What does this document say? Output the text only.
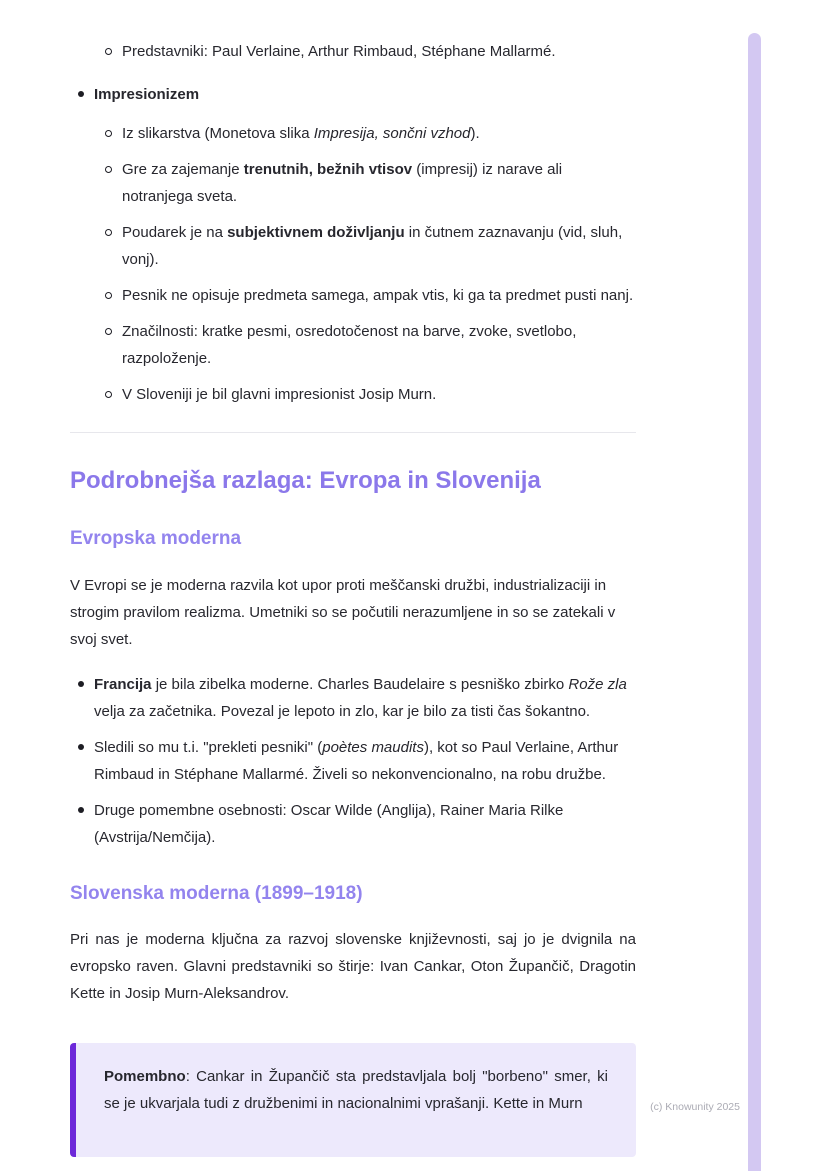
Predstavniki: Paul Verlaine, Arthur Rimbaud, Stéphane Mallarmé.
Impresionizem
Iz slikarstva (Monetova slika Impresija, sončni vzhod).
Gre za zajemanje trenutnih, bežnih vtisov (impresij) iz narave ali notranjega sveta.
Poudarek je na subjektivnem doživljanju in čutnem zaznavanju (vid, sluh, vonj).
Pesnik ne opisuje predmeta samega, ampak vtis, ki ga ta predmet pusti nanj.
Značilnosti: kratke pesmi, osredotočenost na barve, zvoke, svetlobo, razpoloženje.
V Sloveniji je bil glavni impresionist Josip Murn.
Podrobnejša razlaga: Evropa in Slovenija
Evropska moderna

V Evropi se je moderna razvila kot upor proti meščanski družbi, industrializaciji in strogim pravilom realizma. Umetniki so se počutili nerazumljene in so se zatekali v svoj svet.

Francija je bila zibelka moderne. Charles Baudelaire s pesniško zbirko Rože zla velja za začetnika. Povezal je lepoto in zlo, kar je bilo za tisti čas šokantno.
Sledili so mu t.i. "prekleti pesniki" (poètes maudits), kot so Paul Verlaine, Arthur Rimbaud in Stéphane Mallarmé. Živeli so nekonvencionalno, na robu družbe.
Druge pomembne osebnosti: Oscar Wilde (Anglija), Rainer Maria Rilke (Avstrija/Nemčija).
Slovenska moderna (1899–1918)

Pri nas je moderna ključna za razvoj slovenske književnosti, saj jo je dvignila na evropsko raven. Glavni predstavniki so štirje: Ivan Cankar, Oton Župančič, Dragotin Kette in Josip Murn-Aleksandrov.

Pomembno: Cankar in Župančič sta predstavljala bolj "borbeno" smer, ki se je ukvarjala tudi z družbenimi in nacionalnimi vprašanji. Kette in Murn	(c) Knowunity 2025
